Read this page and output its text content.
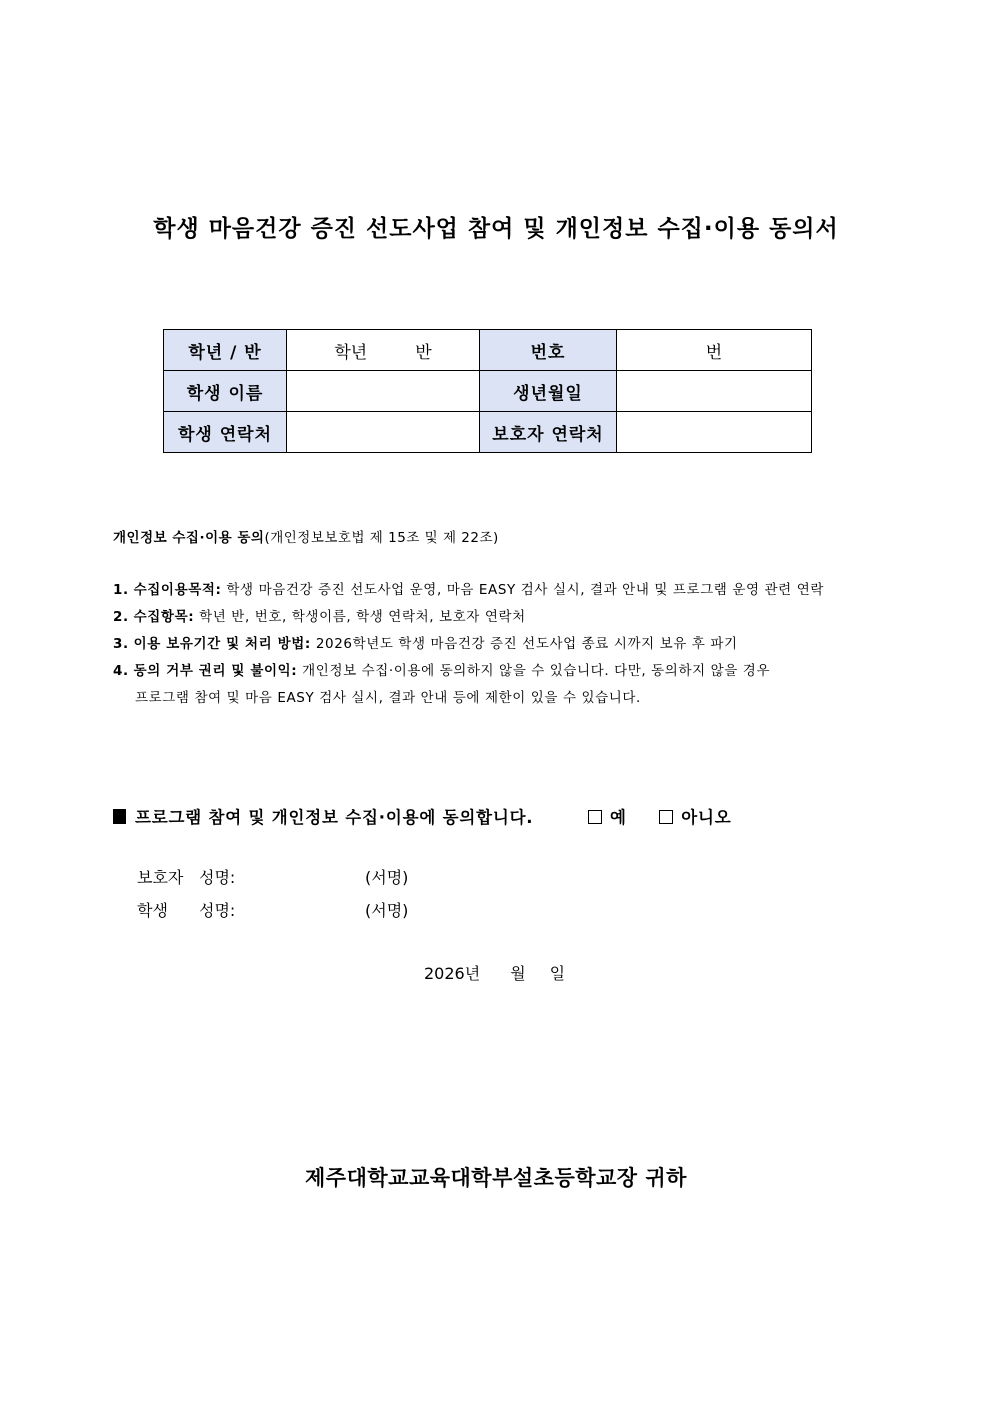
학생 마음건강 증진 선도사업 참여 및 개인정보 수집·이용 동의서
학년 / 반	학년 반	번호	번
학생 이름		생년월일	
학생 연락처		보호자 연락처	
개인정보 수집·이용 동의(개인정보보호법 제 15조 및 제 22조)
1. 수집이용목적: 학생 마음건강 증진 선도사업 운영, 마음 EASY 검사 실시, 결과 안내 및 프로그램 운영 관련 연락
2. 수집항목: 학년 반, 번호, 학생이름, 학생 연락처, 보호자 연락처
3. 이용 보유기간 및 처리 방법: 2026학년도 학생 마음건강 증진 선도사업 종료 시까지 보유 후 파기
4. 동의 거부 권리 및 불이익: 개인정보 수집·이용에 동의하지 않을 수 있습니다. 다만, 동의하지 않을 경우
프로그램 참여 및 마음 EASY 검사 실시, 결과 안내 등에 제한이 있을 수 있습니다.
프로그램 참여 및 개인정보 수집·이용에 동의합니다.	예	아니오
보호자 성명:	(서명)
학생 성명:	(서명)
2026년 월 일
제주대학교교육대학부설초등학교장 귀하
